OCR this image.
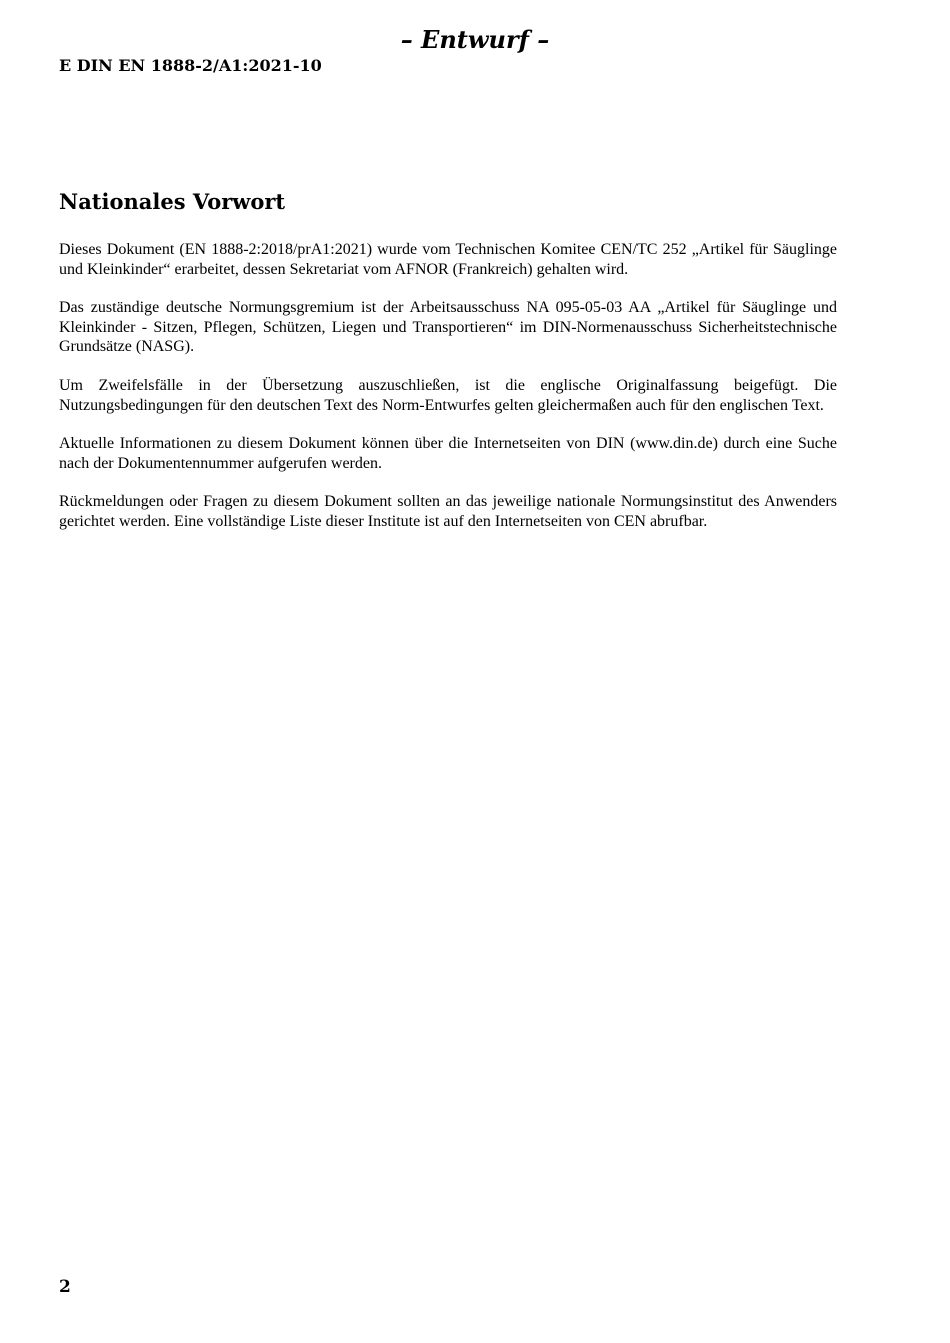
– Entwurf –
E DIN EN 1888-2/A1:2021-10
Nationales Vorwort

Dieses Dokument (EN 1888-2:2018/prA1:2021) wurde vom Technischen Komitee CEN/TC 252 „Artikel für Säuglinge und Kleinkinder“ erarbeitet, dessen Sekretariat vom AFNOR (Frankreich) gehalten wird.

Das zuständige deutsche Normungsgremium ist der Arbeitsausschuss NA 095-05-03 AA „Artikel für Säuglinge und Kleinkinder - Sitzen, Pflegen, Schützen, Liegen und Transportieren“ im DIN-Normenausschuss Sicherheitstechnische Grundsätze (NASG).

Um Zweifelsfälle in der Übersetzung auszuschließen, ist die englische Originalfassung beigefügt. Die Nutzungsbedingungen für den deutschen Text des Norm-Entwurfes gelten gleichermaßen auch für den englischen Text.

Aktuelle Informationen zu diesem Dokument können über die Internetseiten von DIN (www.din.de) durch eine Suche nach der Dokumentennummer aufgerufen werden.

Rückmeldungen oder Fragen zu diesem Dokument sollten an das jeweilige nationale Normungsinstitut des Anwenders gerichtet werden. Eine vollständige Liste dieser Institute ist auf den Internetseiten von CEN abrufbar.

2
